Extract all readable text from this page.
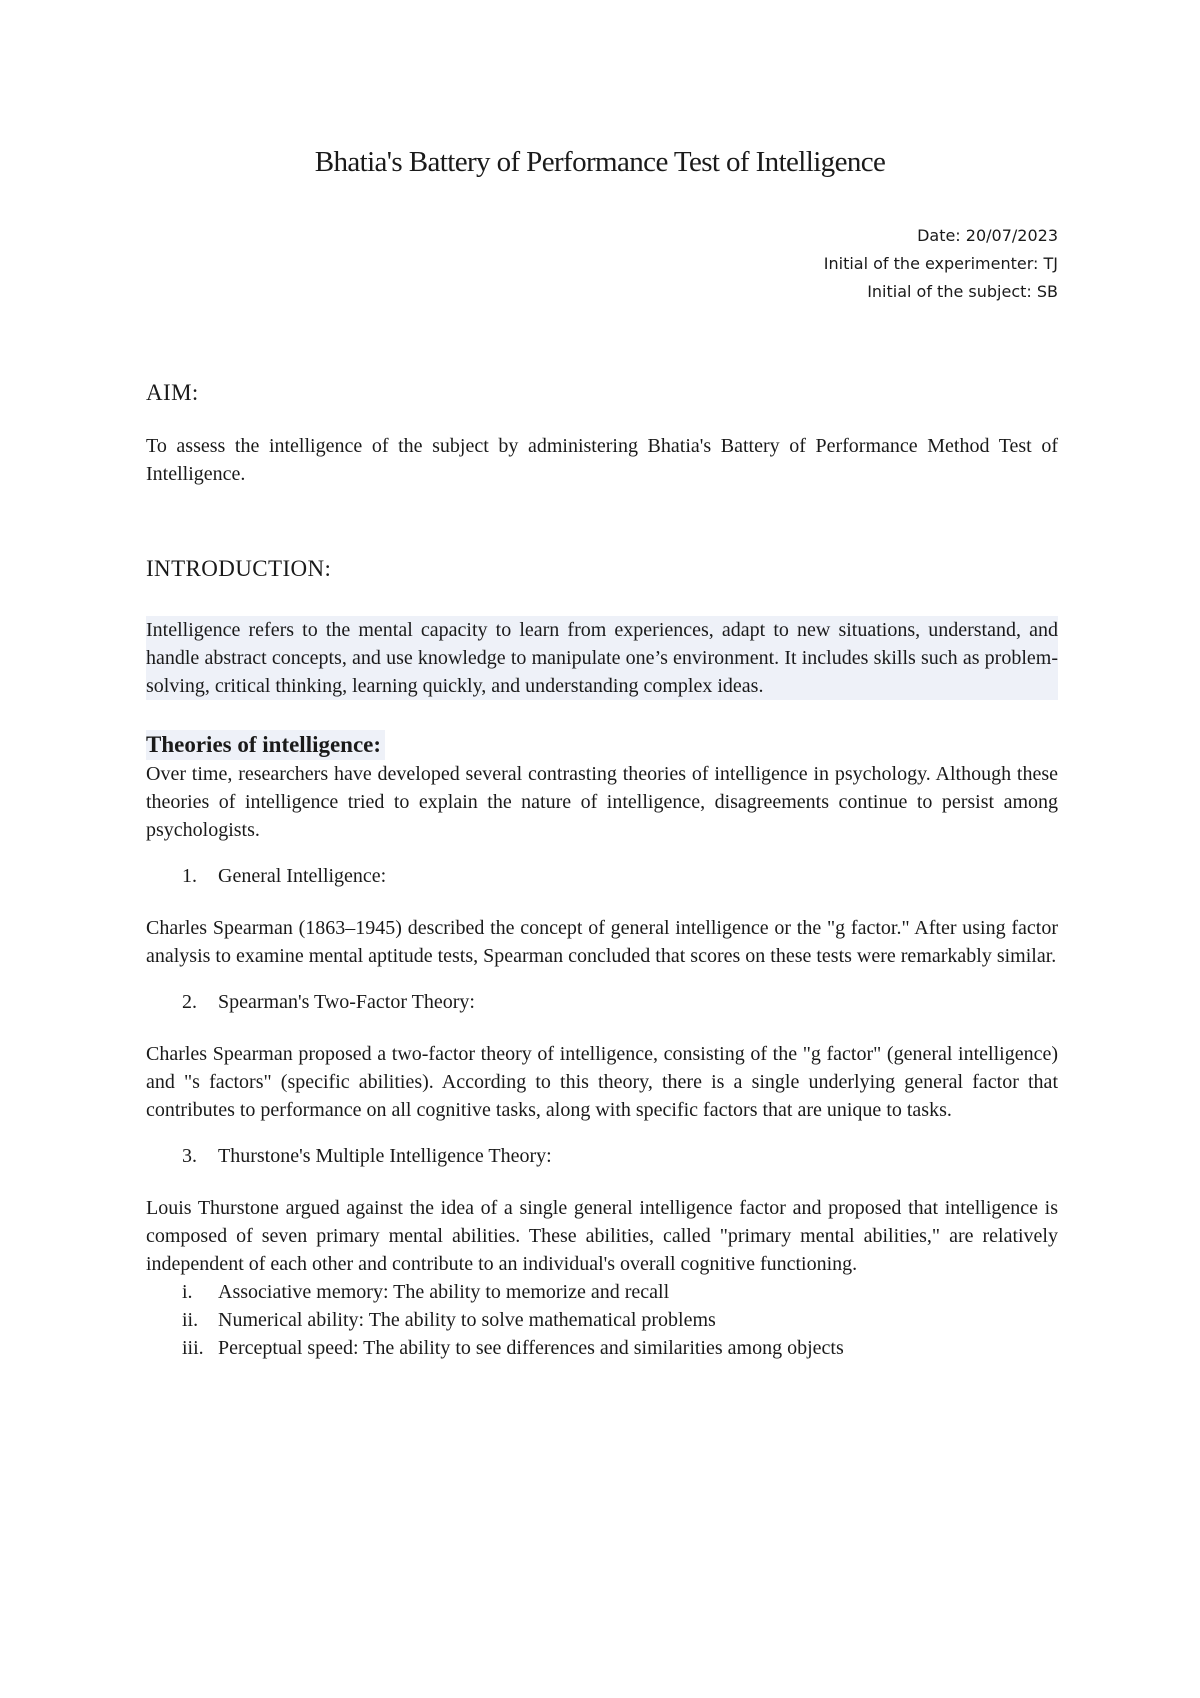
Bhatia's Battery of Performance Test of Intelligence
Date: 20/07/2023
Initial of the experimenter: TJ
Initial of the subject: SB
AIM:

To assess the intelligence of the subject by administering Bhatia's Battery of Performance Method Test of Intelligence.

INTRODUCTION:

Intelligence refers to the mental capacity to learn from experiences, adapt to new situations, understand, and handle abstract concepts, and use knowledge to manipulate one’s environment. It includes skills such as problem-solving, critical thinking, learning quickly, and understanding complex ideas.

Theories of intelligence:

Over time, researchers have developed several contrasting theories of intelligence in psychology. Although these theories of intelligence tried to explain the nature of intelligence, disagreements continue to persist among psychologists.

1.	General Intelligence:

Charles Spearman (1863–1945) described the concept of general intelligence or the "g factor." After using factor analysis to examine mental aptitude tests, Spearman concluded that scores on these tests were remarkably similar.

2.	Spearman's Two-Factor Theory:

Charles Spearman proposed a two-factor theory of intelligence, consisting of the "g factor" (general intelligence) and "s factors" (specific abilities). According to this theory, there is a single underlying general factor that contributes to performance on all cognitive tasks, along with specific factors that are unique to tasks.

3.	Thurstone's Multiple Intelligence Theory:

Louis Thurstone argued against the idea of a single general intelligence factor and proposed that intelligence is composed of seven primary mental abilities. These abilities, called "primary mental abilities," are relatively independent of each other and contribute to an individual's overall cognitive functioning.

i.	Associative memory: The ability to memorize and recall
ii. Numerical ability: The ability to solve mathematical problems
iii. Perceptual speed: The ability to see differences and similarities among objects
